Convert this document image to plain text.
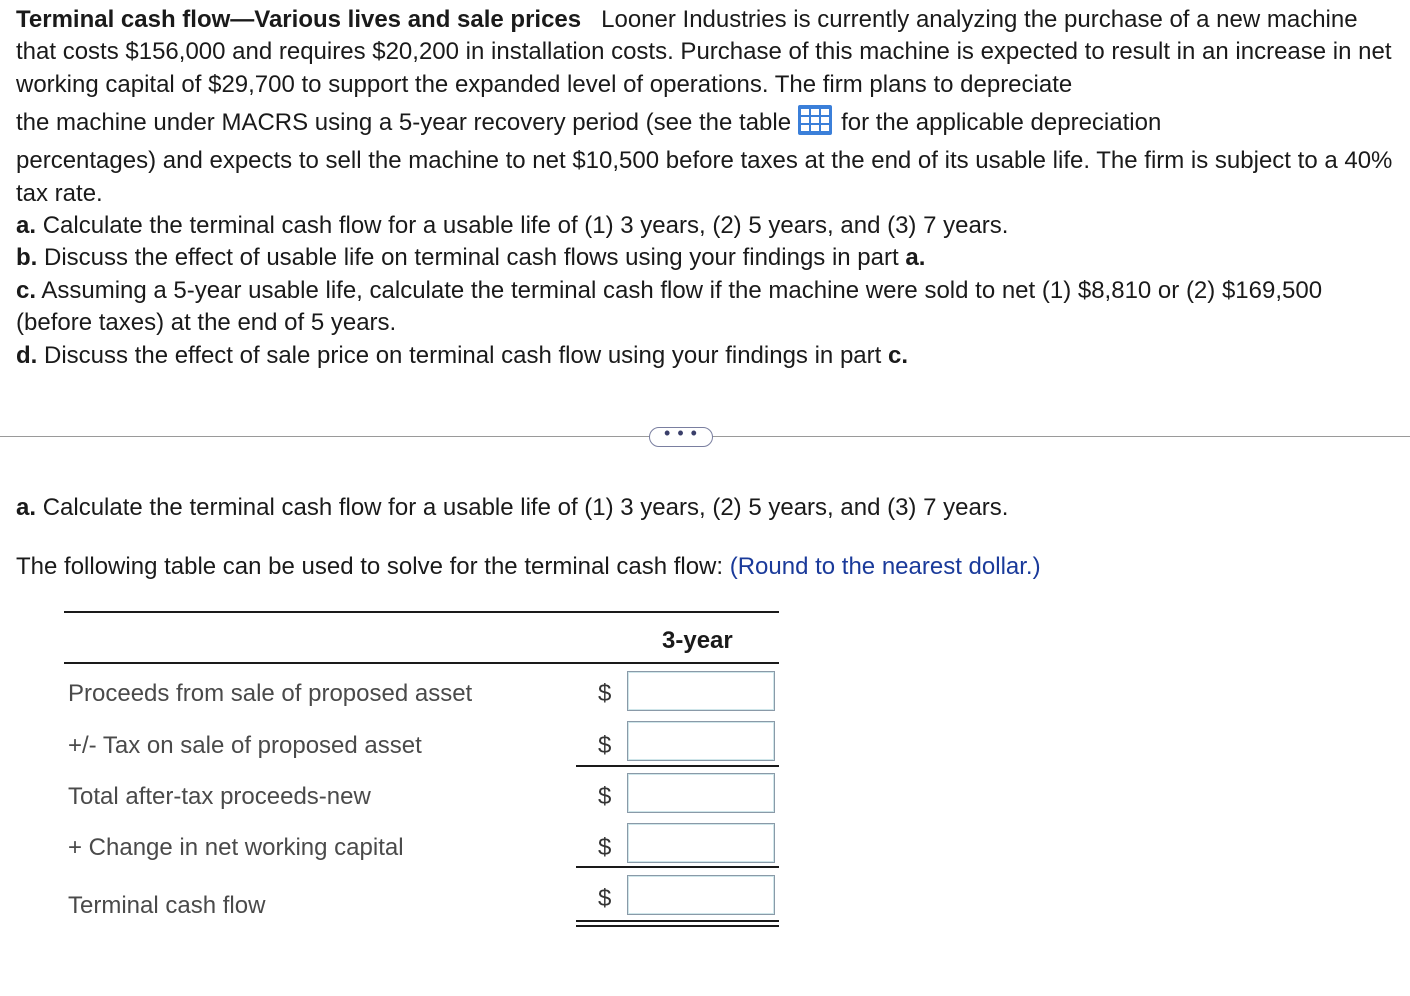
Terminal cash flow—Various lives and sale prices Looner Industries is currently analyzing the purchase of a new machine that costs $156,000 and requires $20,200 in installation costs. Purchase of this machine is expected to result in an increase in net working capital of $29,700 to support the expanded level of operations. The firm plans to depreciate

the machine under MACRS using a 5-year recovery period (see the table for the applicable depreciation

percentages) and expects to sell the machine to net $10,500 before taxes at the end of its usable life. The firm is subject to a 40% tax rate.

a. Calculate the terminal cash flow for a usable life of (1) 3 years, (2) 5 years, and (3) 7 years.

b. Discuss the effect of usable life on terminal cash flows using your findings in part a.

c. Assuming a 5-year usable life, calculate the terminal cash flow if the machine were sold to net (1) $8,810 or (2) $169,500 (before taxes) at the end of 5 years.

d. Discuss the effect of sale price on terminal cash flow using your findings in part c.

• • •
a. Calculate the terminal cash flow for a usable life of (1) 3 years, (2) 5 years, and (3) 7 years.
The following table can be used to solve for the terminal cash flow: (Round to the nearest dollar.)
3-year
Proceeds from sale of proposed asset	$
+/- Tax on sale of proposed asset	$
Total after-tax proceeds-new	$
+ Change in net working capital	$
Terminal cash flow	$
